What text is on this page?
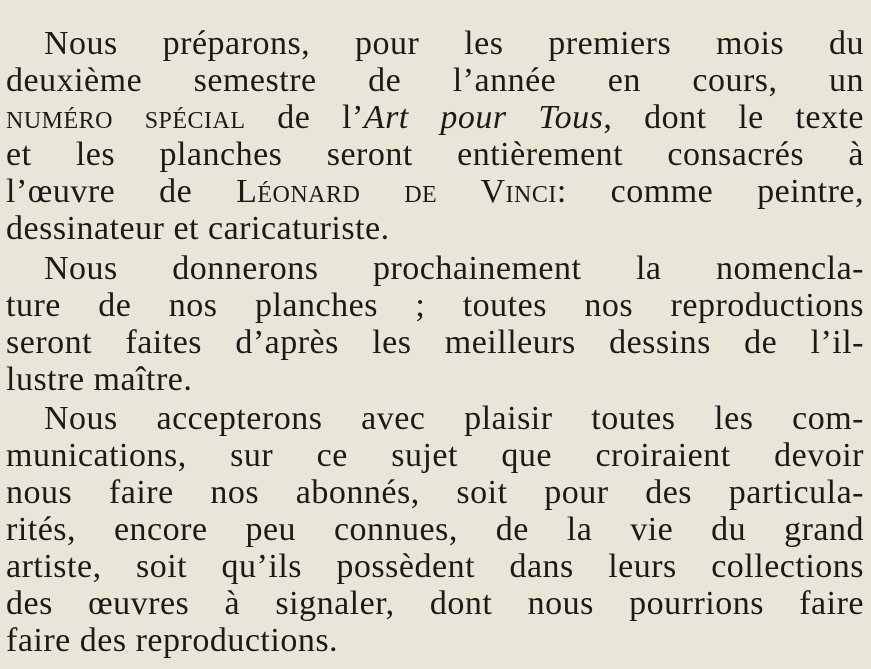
Nous préparons, pour les premiers mois du
deuxième semestre de l’année en cours, un
numéro spécial de l’Art pour Tous, dont le texte
et les planches seront entièrement consacrés à
l’œuvre de Léonard de Vinci: comme peintre,
dessinateur et caricaturiste.
Nous donnerons prochainement la nomencla-
ture de nos planches ; toutes nos reproductions
seront faites d’après les meilleurs dessins de l’il-
lustre maître.
Nous accepterons avec plaisir toutes les com-
munications, sur ce sujet que croiraient devoir
nous faire nos abonnés, soit pour des particula-
rités, encore peu connues, de la vie du grand
artiste, soit qu’ils possèdent dans leurs collections
des œuvres à signaler, dont nous pourrions faire
faire des reproductions.
